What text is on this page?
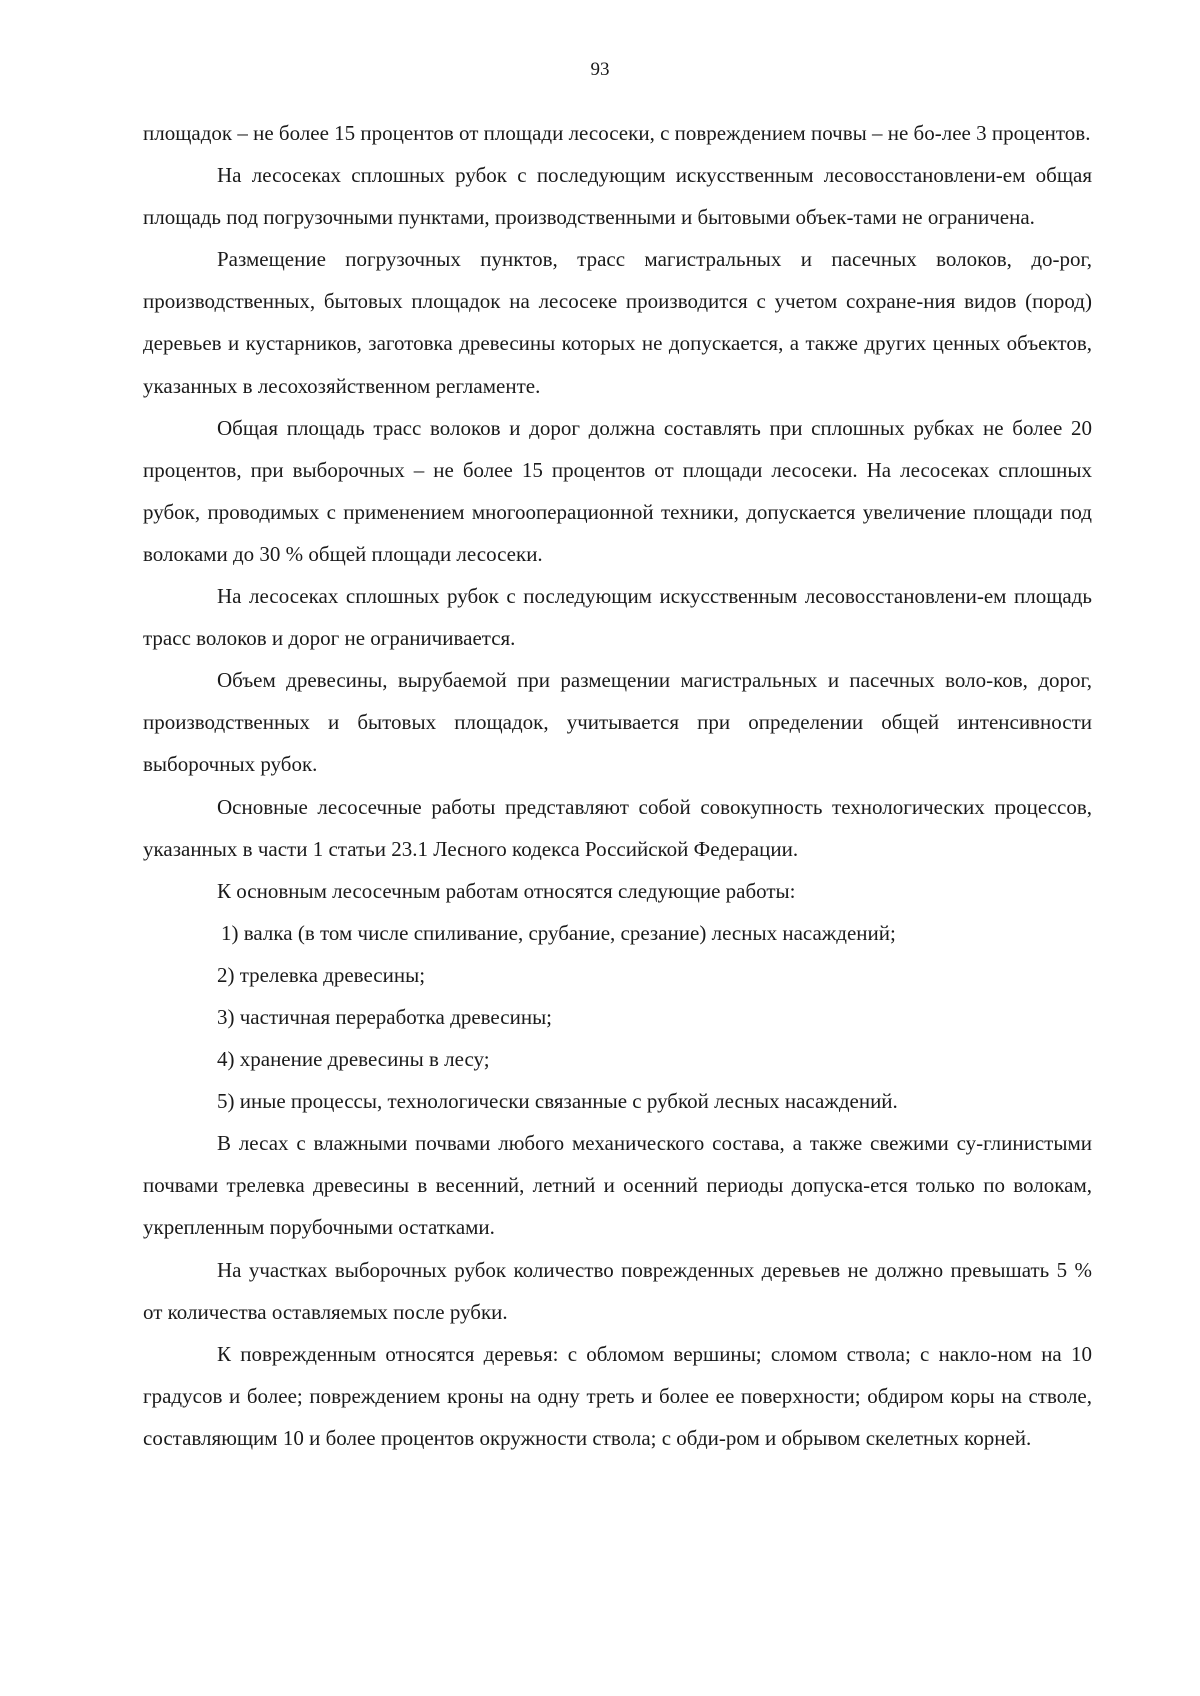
93

площадок – не более 15 процентов от площади лесосеки, с повреждением почвы – не бо-лее 3 процентов.

На лесосеках сплошных рубок с последующим искусственным лесовосстановлени-ем общая площадь под погрузочными пунктами, производственными и бытовыми объек-тами не ограничена.

Размещение погрузочных пунктов, трасс магистральных и пасечных волоков, до-рог, производственных, бытовых площадок на лесосеке производится с учетом сохране-ния видов (пород) деревьев и кустарников, заготовка древесины которых не допускается, а также других ценных объектов, указанных в лесохозяйственном регламенте.

Общая площадь трасс волоков и дорог должна составлять при сплошных рубках не более 20 процентов, при выборочных – не более 15 процентов от площади лесосеки. На лесосеках сплошных рубок, проводимых с применением многооперационной техники, допускается увеличение площади под волоками до 30 % общей площади лесосеки.

На лесосеках сплошных рубок с последующим искусственным лесовосстановлени-ем площадь трасс волоков и дорог не ограничивается.

Объем древесины, вырубаемой при размещении магистральных и пасечных воло-ков, дорог, производственных и бытовых площадок, учитывается при определении общей интенсивности выборочных рубок.

Основные лесосечные работы представляют собой совокупность технологических процессов, указанных в части 1 статьи 23.1 Лесного кодекса Российской Федерации.

К основным лесосечным работам относятся следующие работы:

1) валка (в том числе спиливание, срубание, срезание) лесных насаждений;

2) трелевка древесины;

3) частичная переработка древесины;

4) хранение древесины в лесу;

5) иные процессы, технологически связанные с рубкой лесных насаждений.

В лесах с влажными почвами любого механического состава, а также свежими су-глинистыми почвами трелевка древесины в весенний, летний и осенний периоды допуска-ется только по волокам, укрепленным порубочными остатками.

На участках выборочных рубок количество поврежденных деревьев не должно превышать 5 % от количества оставляемых после рубки.

К поврежденным относятся деревья: с обломом вершины; сломом ствола; с накло-ном на 10 градусов и более; повреждением кроны на одну треть и более ее поверхности; обдиром коры на стволе, составляющим 10 и более процентов окружности ствола; с обди-ром и обрывом скелетных корней.
